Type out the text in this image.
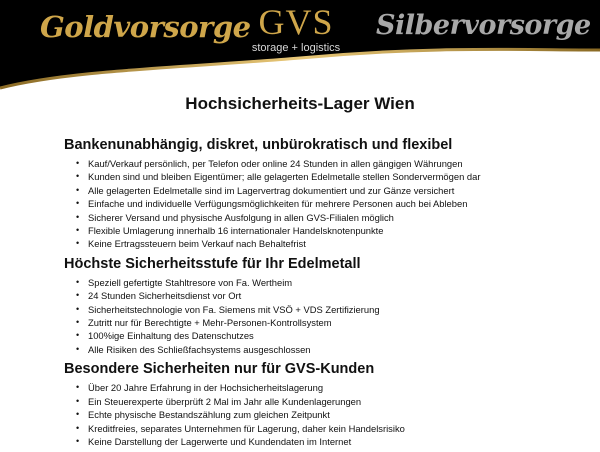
Goldvorsorge GVS
storage + logistics
Silbervorsorge
Hochsicherheits-Lager Wien
Bankenunabhängig, diskret, unbürokratisch und flexibel
• Kauf/Verkauf persönlich, per Telefon oder online 24 Stunden in allen gängigen Währungen
• Kunden sind und bleiben Eigentümer; alle gelagerten Edelmetalle stellen Sondervermögen dar
• Alle gelagerten Edelmetalle sind im Lagervertrag dokumentiert und zur Gänze versichert
• Einfache und individuelle Verfügungsmöglichkeiten für mehrere Personen auch bei Ableben
• Sicherer Versand und physische Ausfolgung in allen GVS-Filialen möglich
• Flexible Umlagerung innerhalb 16 internationaler Handelsknotenpunkte
• Keine Ertragssteuern beim Verkauf nach Behaltefrist
Höchste Sicherheitsstufe für Ihr Edelmetall
• Speziell gefertigte Stahltresore von Fa. Wertheim
• 24 Stunden Sicherheitsdienst vor Ort
• Sicherheitstechnologie von Fa. Siemens mit VSÖ + VDS Zertifizierung
• Zutritt nur für Berechtigte + Mehr-Personen-Kontrollsystem
• 100%ige Einhaltung des Datenschutzes
• Alle Risiken des Schließfachsystems ausgeschlossen
Besondere Sicherheiten nur für GVS-Kunden
• Über 20 Jahre Erfahrung in der Hochsicherheitslagerung
• Ein Steuerexperte überprüft 2 Mal im Jahr alle Kundenlagerungen
• Echte physische Bestandszählung zum gleichen Zeitpunkt
• Kreditfreies, separates Unternehmen für Lagerung, daher kein Handelsrisiko
• Keine Darstellung der Lagerwerte und Kundendaten im Internet
